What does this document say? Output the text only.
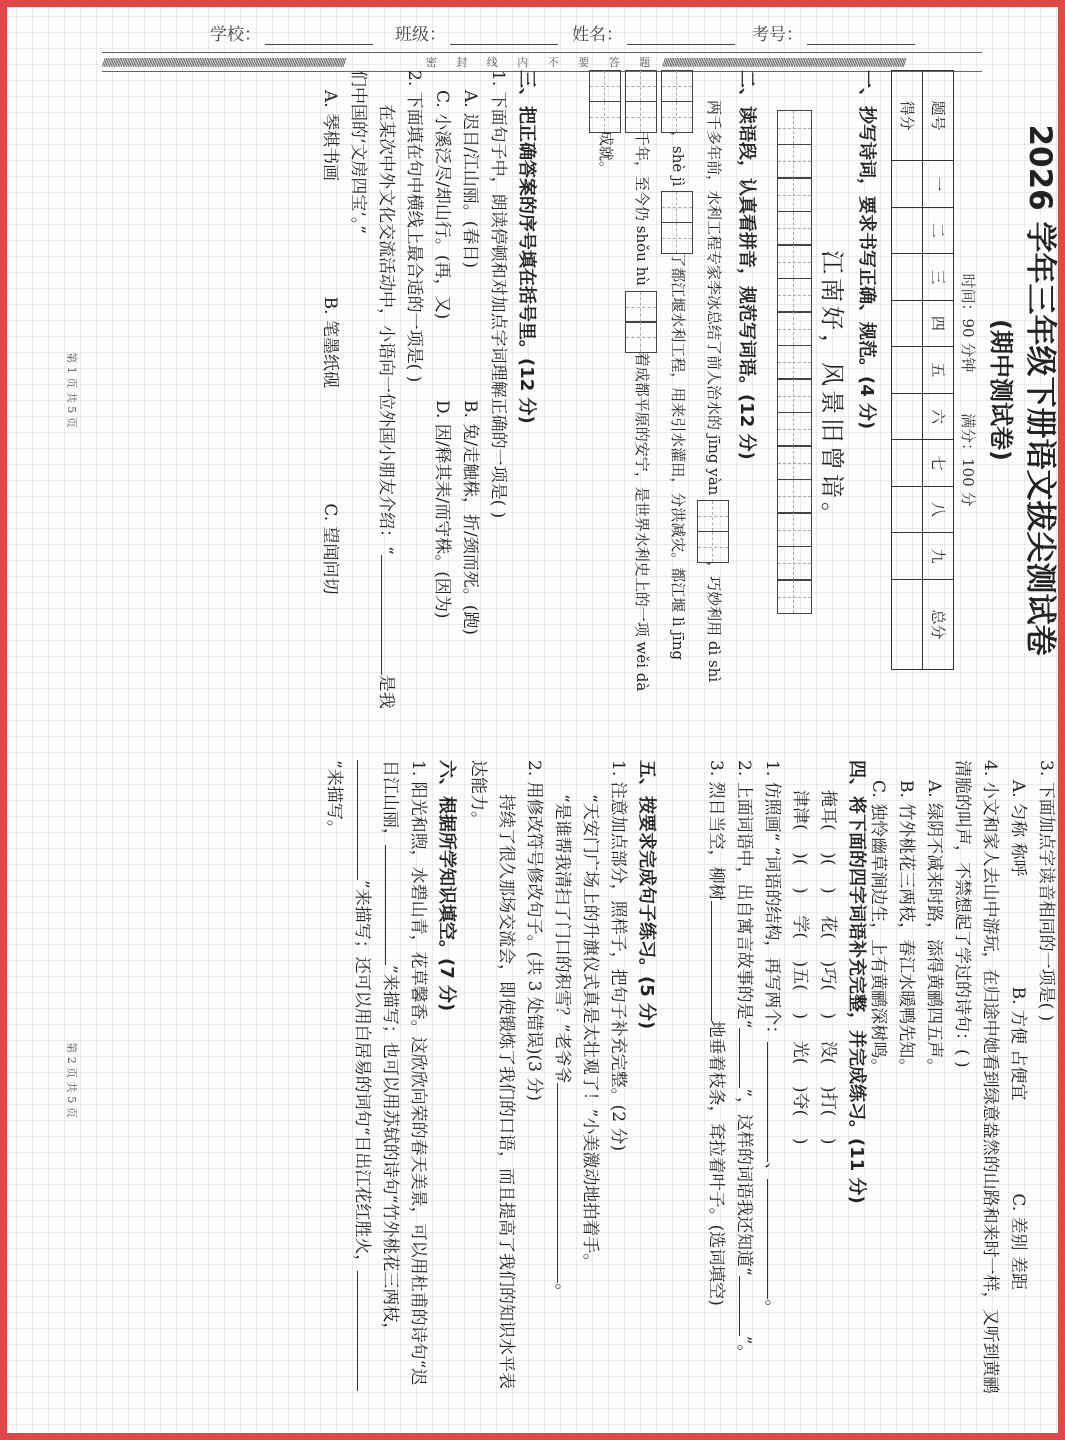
学校：	班级：	姓名：	考号：
//////////////////////////////////////////////////////////////////////////////////////////////////////////////////////////////////////////////	密 封 线 内 不 要 答 题 //////////////////////////////////////////////////////////////////////////////////////////////////////////////////////////////////////////////
2026 学年三年级下册语文拔尖测试卷
(期中测试卷)
时间：90 分钟 满分：100 分
题号	一	二	三	四	五	六	七	八	九	总分
得分										
一、抄写诗词，要求书写正确、规范。(4 分)
江南好，风景旧曾谙。
二、读语段，认真看拼音，规范写词语。(12 分)
两千多年前，水利工程专家李冰总结了前人治水的 jīng yàn
，巧妙利用 dì shì
，shè jì
了都江堰水利工程，用来引水灌田，分洪减灾。都江堰 lì jīng
千年，至今仍 shǒu hù
着成都平原的安宁，是世界水利史上的一项 wěi dà
成就。
三、把正确答案的序号填在括号里。(12 分)
1. 下面句子中，朗读停顿和对加点字词理解正确的一项是( )
A. 迟日/江山丽。(春日)
B. 兔/走触株，折/颈而死。(跑)
C. 小溪泛尽/却山行。(再，又)
D. 因/释其耒/而守株。(因为)
2. 下面填在句中横线上最合适的一项是( )
在某次中外文化交流活动中，小语向一位外国小朋友介绍：“是我们中国的‘文房四宝’。”
A. 琴棋书画
B. 笔墨纸砚
C. 望闻问切
第 1 页 共 5 页
3. 下面加点字读音相同的一项是( )
A. 匀称 称呼
B. 方便 占便宜
C. 差别 差距
4. 小文和家人去山中游玩，在归途中她看到绿意盎然的山路和来时一样，又听到黄鹂清脆的叫声，不禁想起了学过的诗句：( )
A. 绿阴不减来时路，添得黄鹂四五声。
B. 竹外桃花三两枝，春江水暖鸭先知。
C. 独怜幽草涧边生，上有黄鹂深树鸣。
四、将下面的四字词语补充完整，并完成练习。(11 分)
掩耳(    )(    )    花(    )巧(    )    没(    )打(    )
津津(    )(    )    学(    )五(    )    光(    )夺(    )
1. 仿照画“ ”词语的结构，再写两个：、。
2. 上面词语中，出自寓言故事的是“”，这样的词语我还知道“”。
3. 烈日当空，柳树地垂着枝条，耷拉着叶子。(选词填空)
五、按要求完成句子练习。(5 分)
1. 注意加点部分，照样子，把句子补充完整。(2 分)
“天安门广场上的升旗仪式真是太壮观了！”小美激动地拍着手。
“是谁帮我清扫了门口的积雪？”老爷爷。
2. 用修改符号修改句子。(共 3 处错误)(3 分)
持续了很久那场交流会，即使锻炼了我们的口语，而且提高了我们的知识水平表达能力。
六、根据所学知识填空。(7 分)
1. 阳光和煦，水碧山青，花草馨香。这欣欣向荣的春天美景，可以用杜甫的诗句“迟日江山丽，”来描写；也可以用苏轼的诗句“竹外桃花三两枝，”来描写；还可以用白居易的词句“日出江花红胜火，”来描写。
第 2 页 共 5 页
